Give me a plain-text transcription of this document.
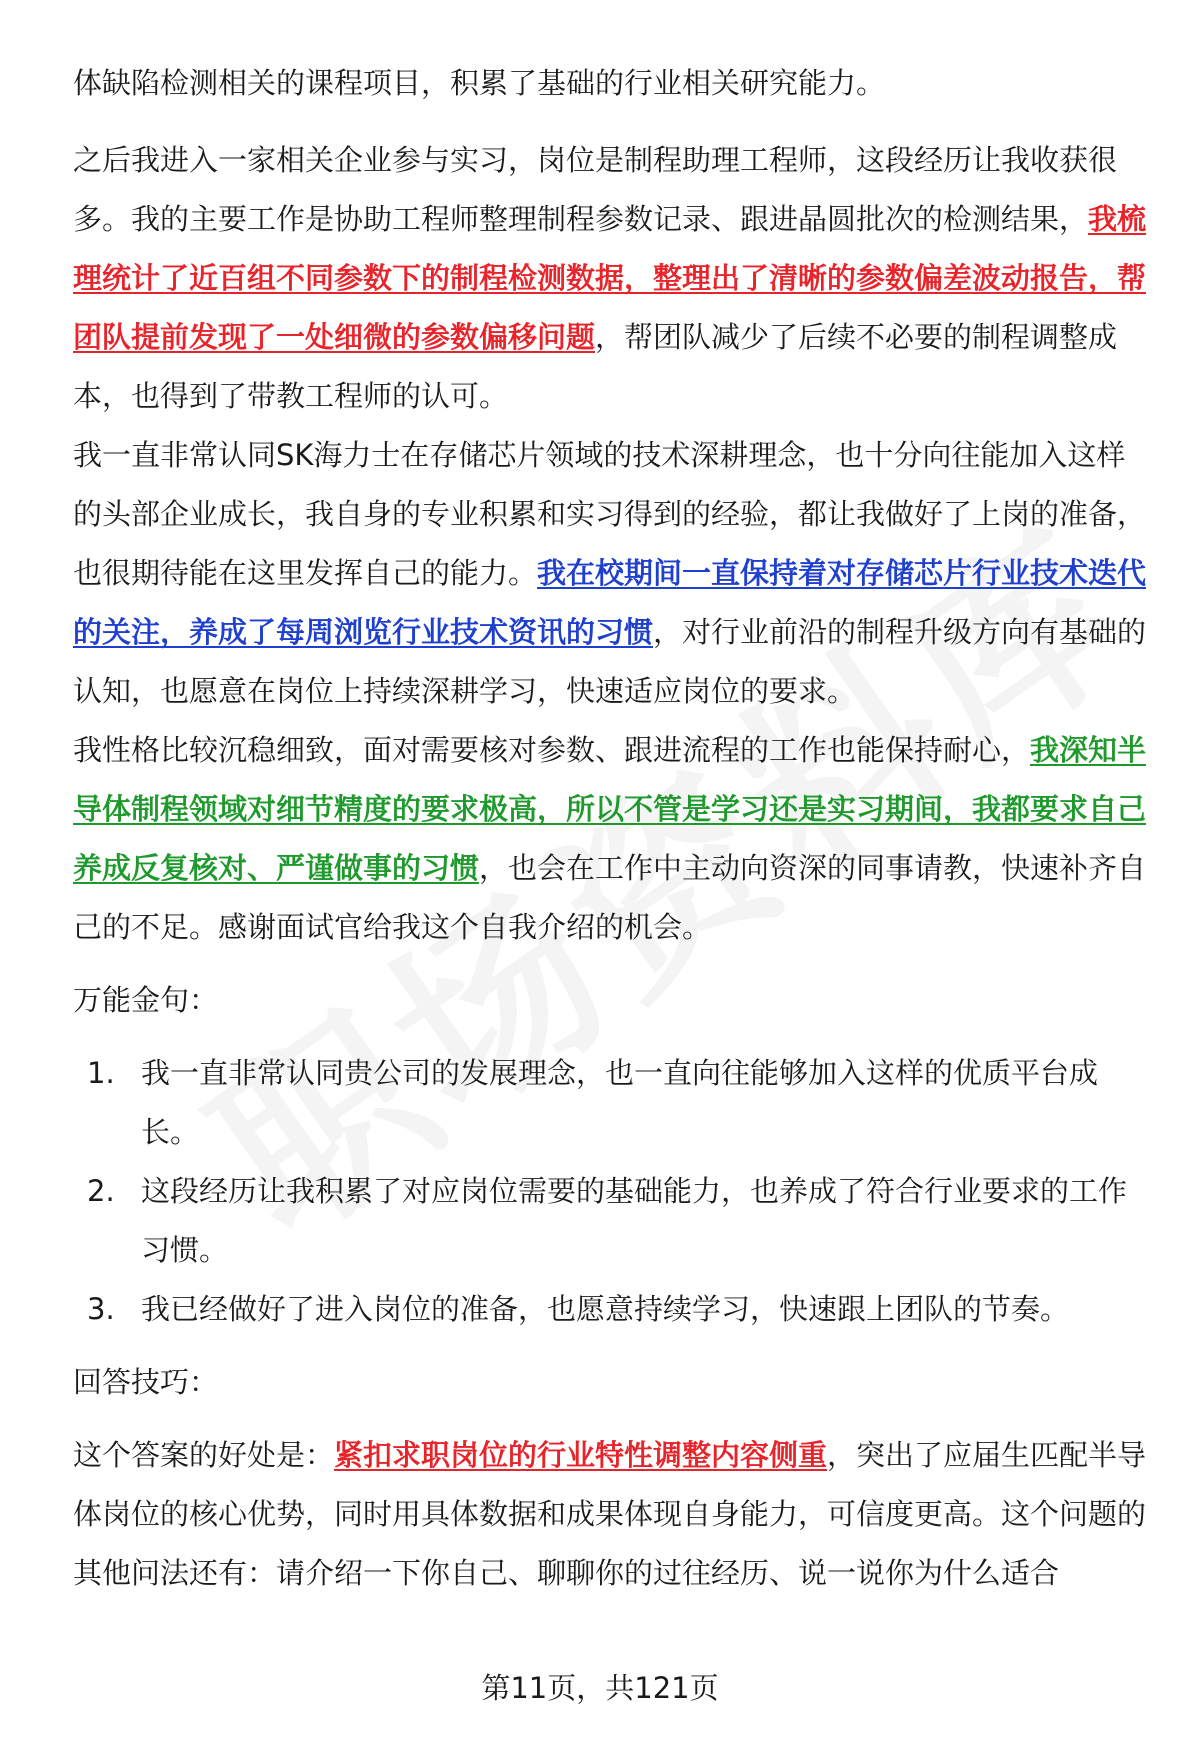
体缺陷检测相关的课程项目，积累了基础的行业相关研究能力。

之后我进入一家相关企业参与实习，岗位是制程助理工程师，这段经历让我收获很多。我的主要工作是协助工程师整理制程参数记录、跟进晶圆批次的检测结果，我梳理统计了近百组不同参数下的制程检测数据，整理出了清晰的参数偏差波动报告，帮团队提前发现了一处细微的参数偏移问题，帮团队减少了后续不必要的制程调整成本，也得到了带教工程师的认可。

我一直非常认同SK海力士在存储芯片领域的技术深耕理念，也十分向往能加入这样的头部企业成长，我自身的专业积累和实习得到的经验，都让我做好了上岗的准备，也很期待能在这里发挥自己的能力。我在校期间一直保持着对存储芯片行业技术迭代的关注，养成了每周浏览行业技术资讯的习惯，对行业前沿的制程升级方向有基础的认知，也愿意在岗位上持续深耕学习，快速适应岗位的要求。

我性格比较沉稳细致，面对需要核对参数、跟进流程的工作也能保持耐心，我深知半导体制程领域对细节精度的要求极高，所以不管是学习还是实习期间，我都要求自己养成反复核对、严谨做事的习惯，也会在工作中主动向资深的同事请教，快速补齐自己的不足。感谢面试官给我这个自我介绍的机会。

万能金句：

1. 我一直非常认同贵公司的发展理念，也一直向往能够加入这样的优质平台成长。
2. 这段经历让我积累了对应岗位需要的基础能力，也养成了符合行业要求的工作习惯。
3. 我已经做好了进入岗位的准备，也愿意持续学习，快速跟上团队的节奏。

回答技巧：

这个答案的好处是：紧扣求职岗位的行业特性调整内容侧重，突出了应届生匹配半导体岗位的核心优势，同时用具体数据和成果体现自身能力，可信度更高。这个问题的其他问法还有：请介绍一下你自己、聊聊你的过往经历、说一说你为什么适合

第11页，共121页
